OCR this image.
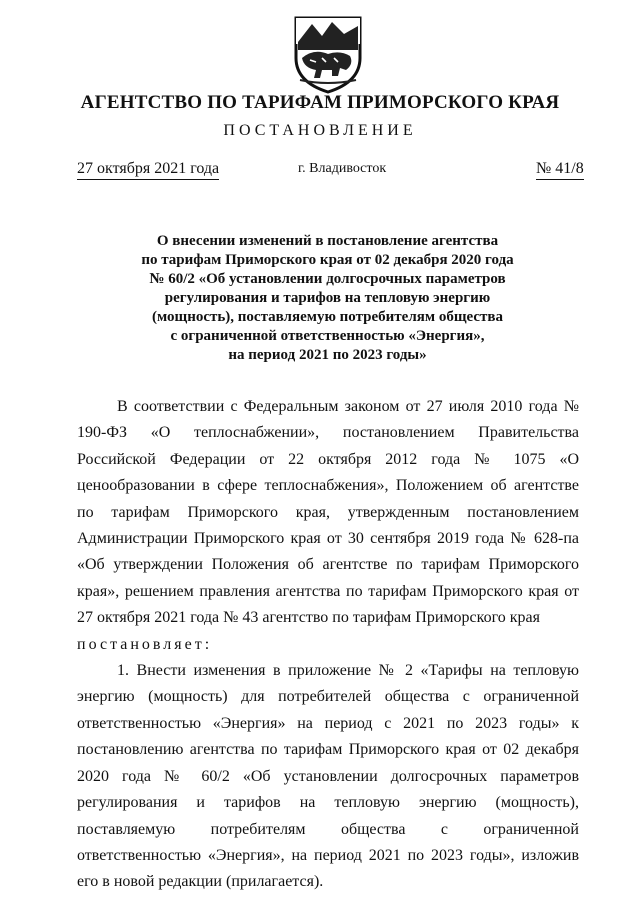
АГЕНТСТВО ПО ТАРИФАМ ПРИМОРСКОГО КРАЯ
ПОСТАНОВЛЕНИЕ
27 октября 2021 года	г. Владивосток	№ 41/8
О внесении изменений в постановление агентства
по тарифам Приморского края от 02 декабря 2020 года
№ 60/2 «Об установлении долгосрочных параметров
регулирования и тарифов на тепловую энергию
(мощность), поставляемую потребителям общества
с ограниченной ответственностью «Энергия»,
на период 2021 по 2023 годы»

В соответствии с Федеральным законом от 27 июля 2010 года № 190-ФЗ «О теплоснабжении», постановлением Правительства Российской Федерации от 22 октября 2012 года № 1075 «О ценообразовании в сфере теплоснабжения», Положением об агентстве по тарифам Приморского края, утвержденным постановлением Администрации Приморского края от 30 сентября 2019 года № 628-па «Об утверждении Положения об агентстве по тарифам Приморского края», решением правления агентства по тарифам Приморского края от 27 октября 2021 года № 43 агентство по тарифам Приморского края

постановляет:

1. Внести изменения в приложение № 2 «Тарифы на тепловую энергию (мощность) для потребителей общества с ограниченной ответственностью «Энергия» на период с 2021 по 2023 годы» к постановлению агентства по тарифам Приморского края от 02 декабря 2020 года № 60/2 «Об установлении долгосрочных параметров регулирования и тарифов на тепловую энергию (мощность), поставляемую потребителям общества с ограниченной ответственностью «Энергия», на период 2021 по 2023 годы», изложив его в новой редакции (прилагается).
